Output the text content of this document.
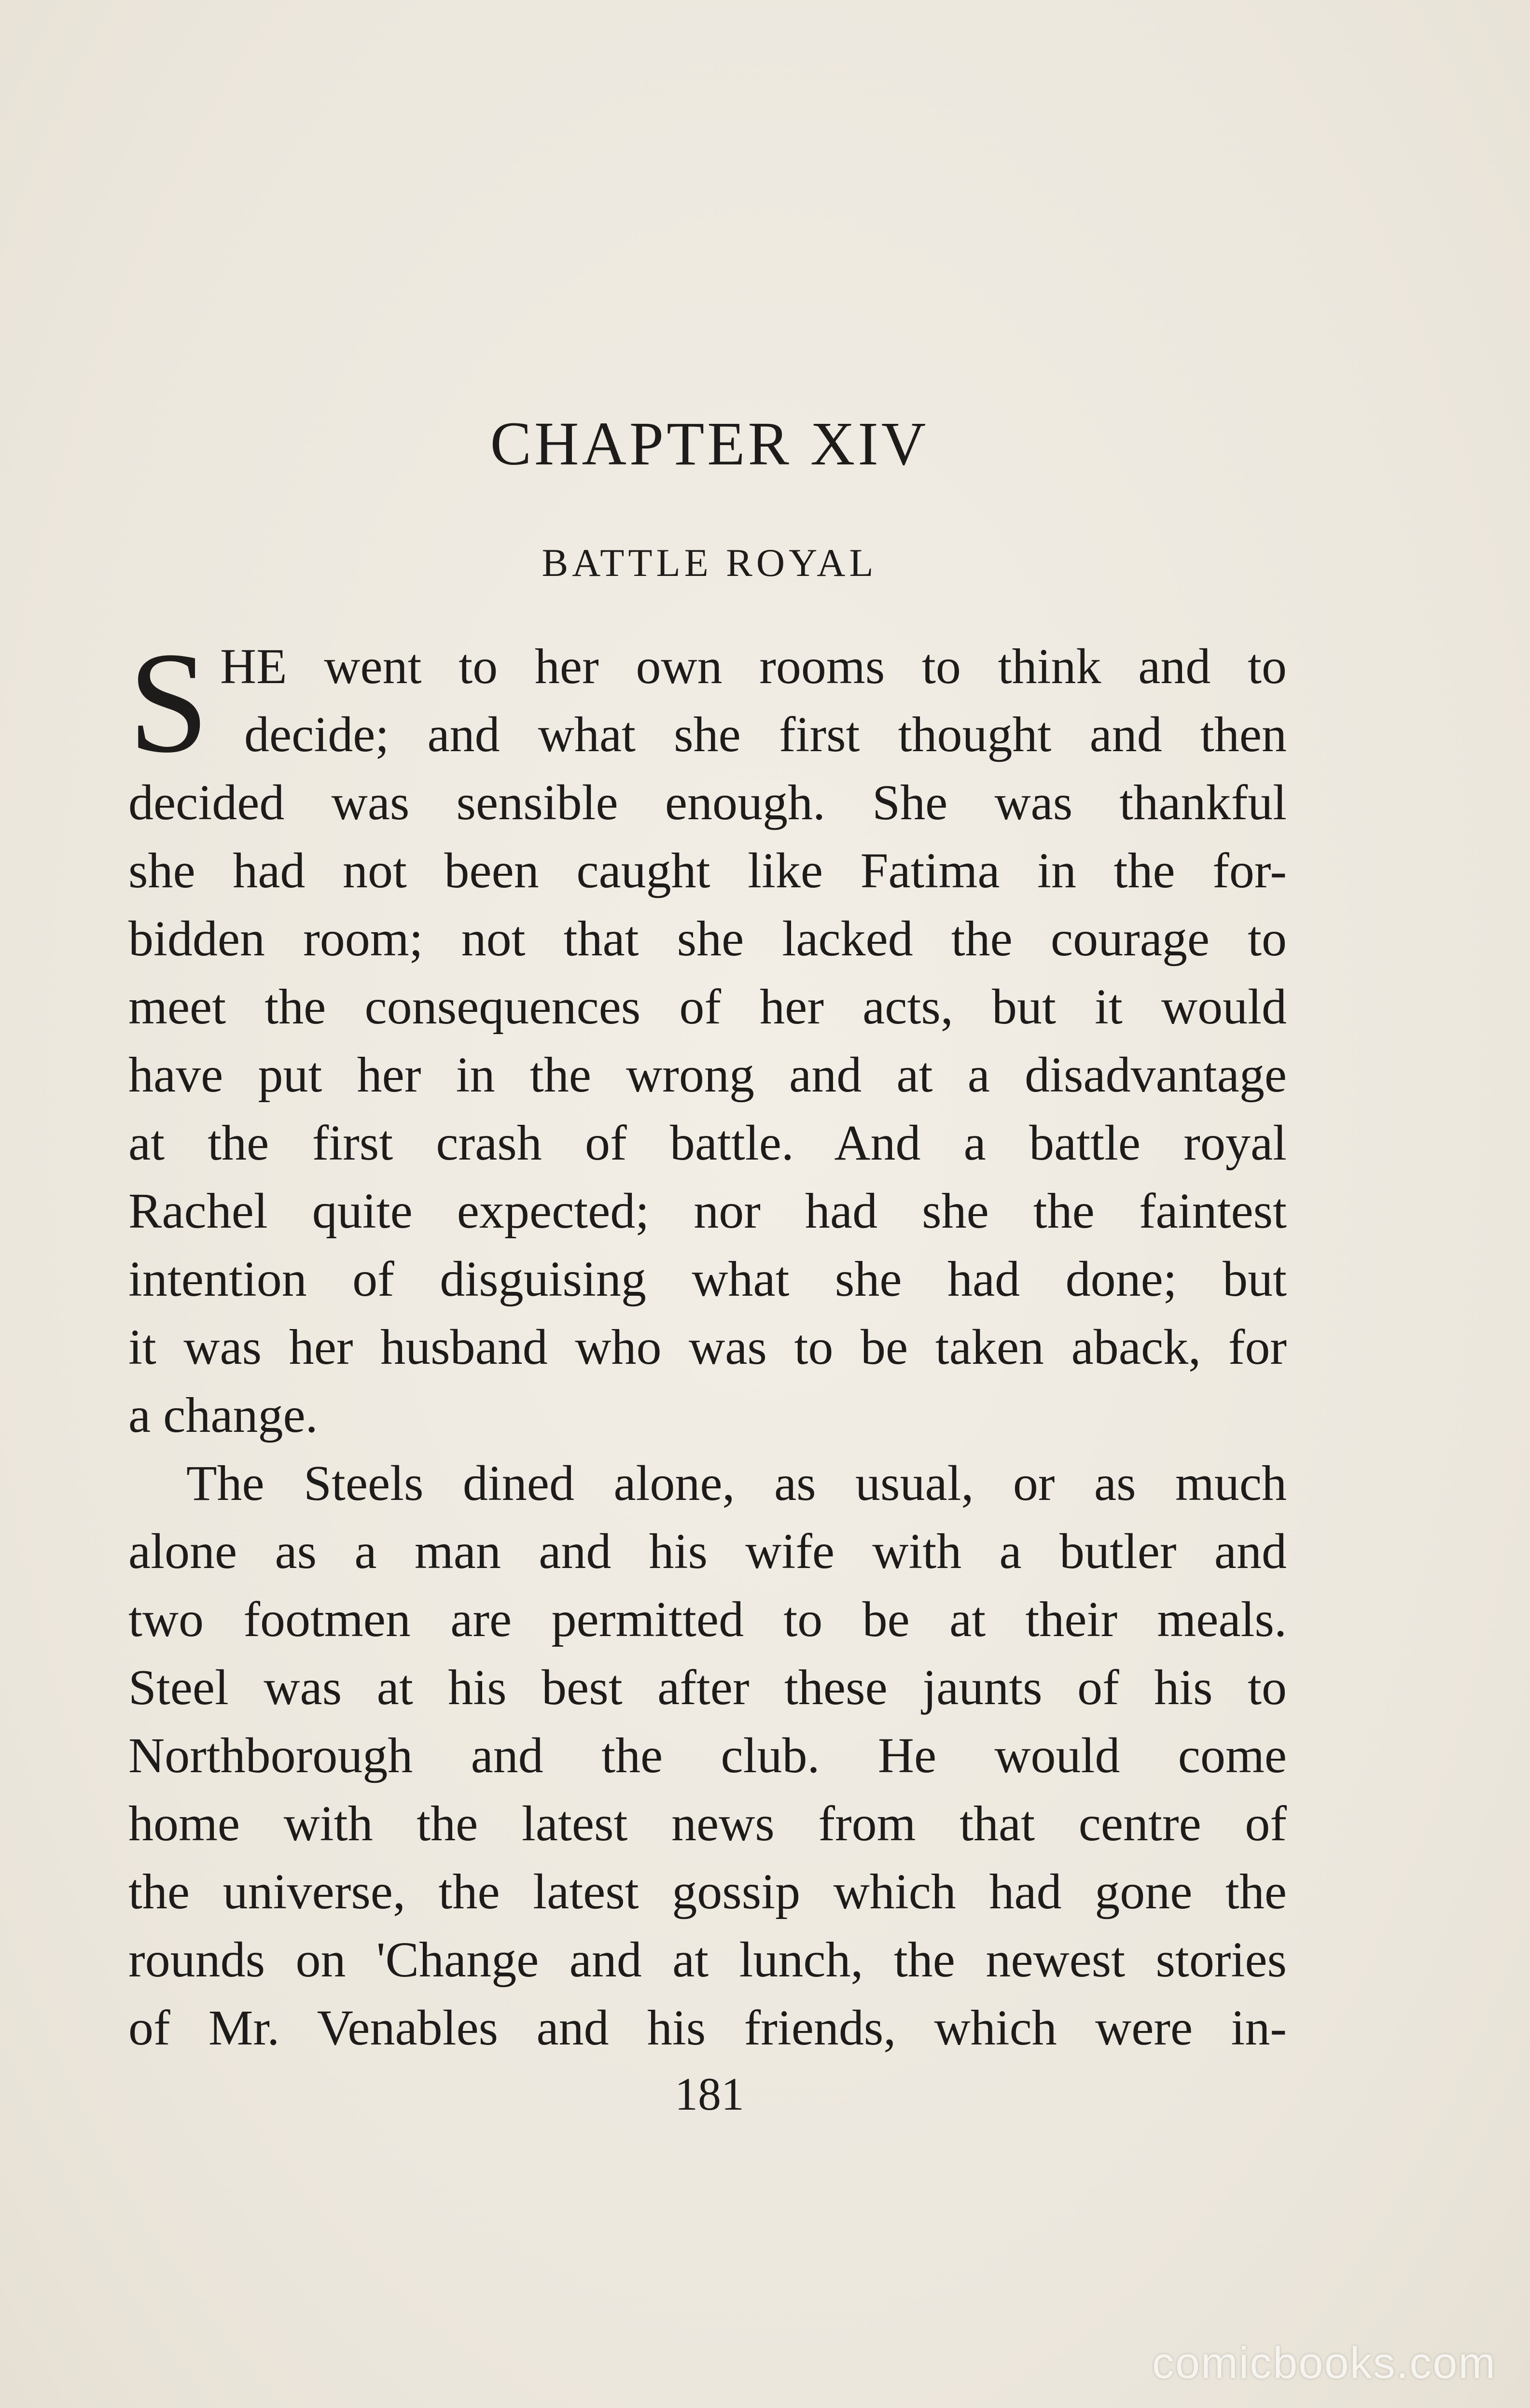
CHAPTER XIV
BATTLE ROYAL
S HE went to her own rooms to think and to
decide; and what she first thought and then
decided was sensible enough. She was thankful
she had not been caught like Fatima in the for-
bidden room; not that she lacked the courage to
meet the consequences of her acts, but it would
have put her in the wrong and at a disadvantage
at the first crash of battle. And a battle royal
Rachel quite expected; nor had she the faintest
intention of disguising what she had done; but
it was her husband who was to be taken aback, for
a change.
The Steels dined alone, as usual, or as much
alone as a man and his wife with a butler and
two footmen are permitted to be at their meals.
Steel was at his best after these jaunts of his to
Northborough and the club. He would come
home with the latest news from that centre of
the universe, the latest gossip which had gone the
rounds on 'Change and at lunch, the newest stories
of Mr. Venables and his friends, which were in-
181
comicbooks.com
